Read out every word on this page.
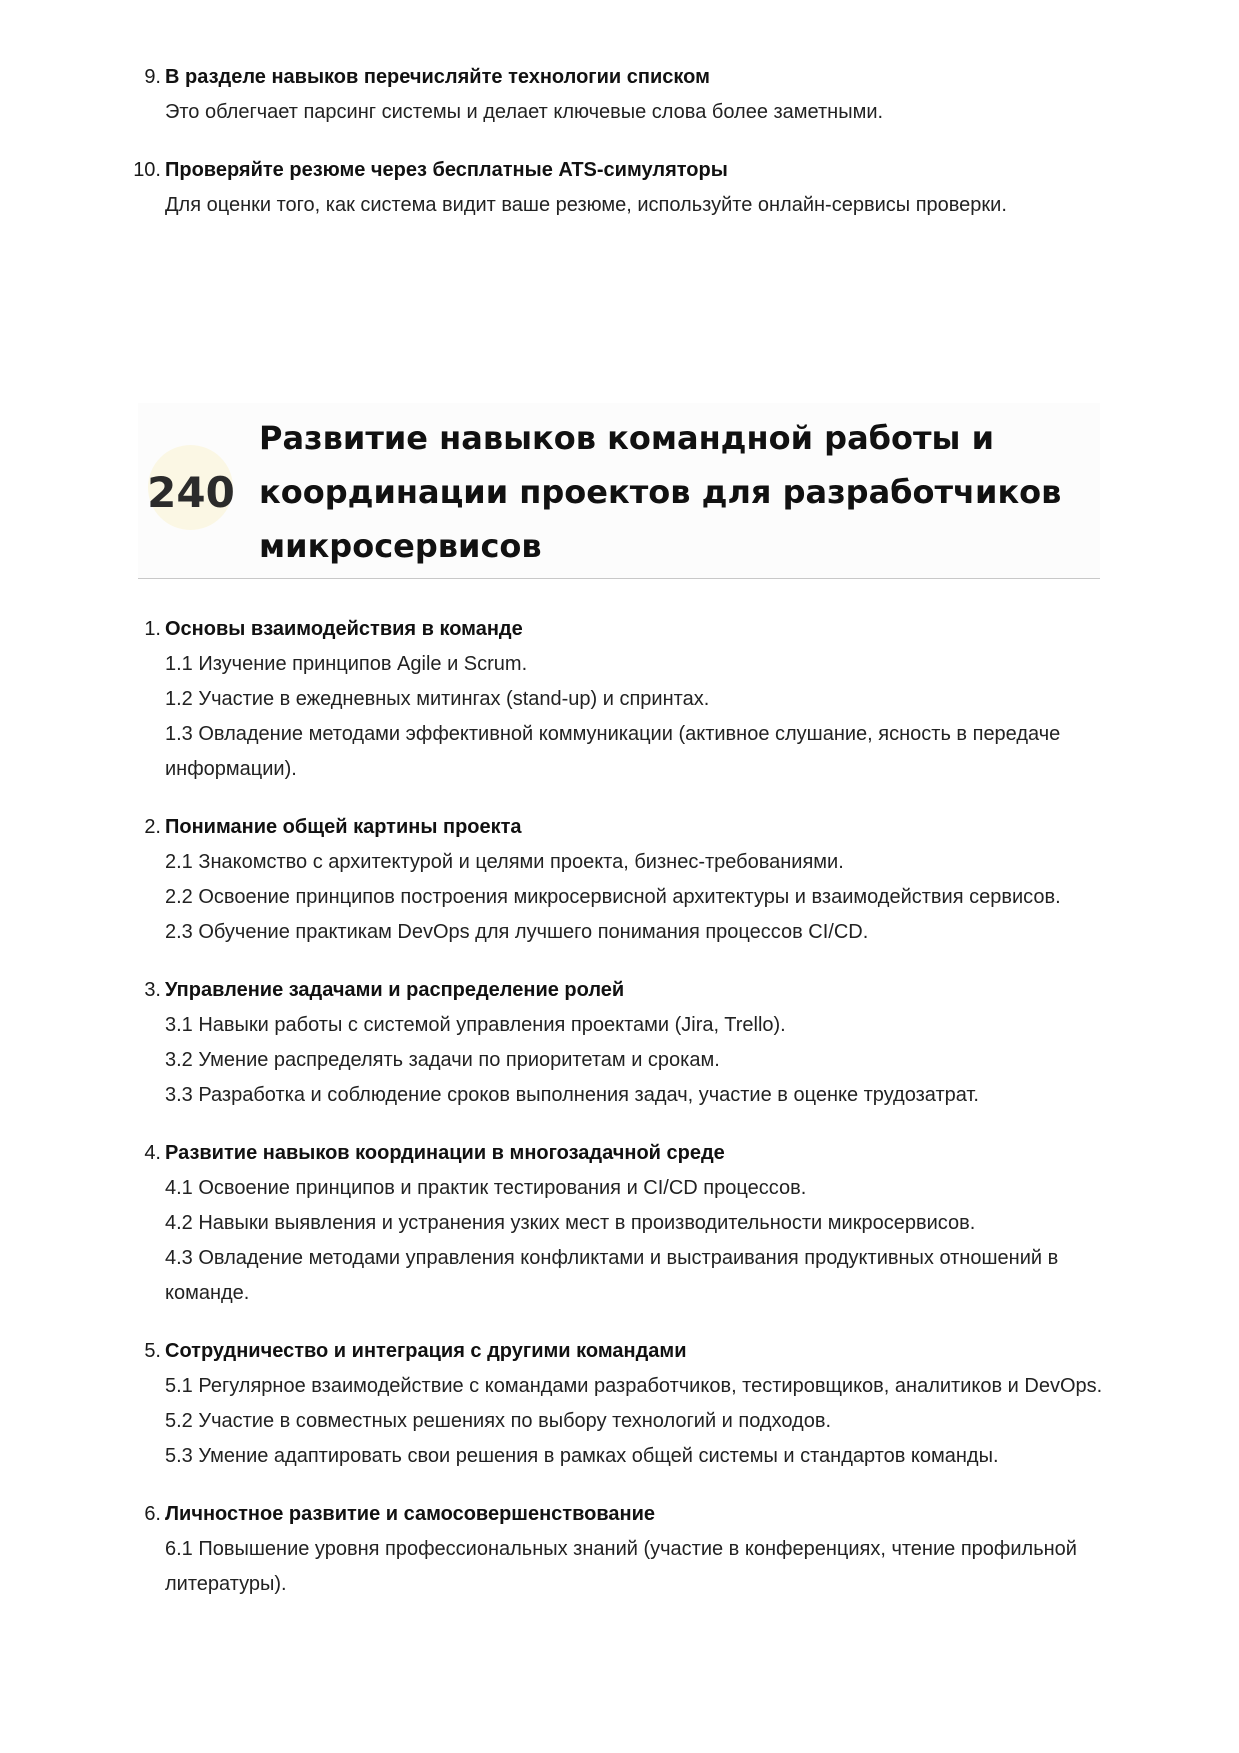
9. В разделе навыков перечисляйте технологии списком
Это облегчает парсинг системы и делает ключевые слова более заметными.
10. Проверяйте резюме через бесплатные ATS-симуляторы
Для оценки того, как система видит ваше резюме, используйте онлайн-сервисы проверки.
240
Развитие навыков командной работы и координации проектов для разработчиков микросервисов
1. Основы взаимодействия в команде
1.1 Изучение принципов Agile и Scrum.
1.2 Участие в ежедневных митингах (stand-up) и спринтах.
1.3 Овладение методами эффективной коммуникации (активное слушание, ясность в передаче информации).
2. Понимание общей картины проекта
2.1 Знакомство с архитектурой и целями проекта, бизнес-требованиями.
2.2 Освоение принципов построения микросервисной архитектуры и взаимодействия сервисов.
2.3 Обучение практикам DevOps для лучшего понимания процессов CI/CD.
3. Управление задачами и распределение ролей
3.1 Навыки работы с системой управления проектами (Jira, Trello).
3.2 Умение распределять задачи по приоритетам и срокам.
3.3 Разработка и соблюдение сроков выполнения задач, участие в оценке трудозатрат.
4. Развитие навыков координации в многозадачной среде
4.1 Освоение принципов и практик тестирования и CI/CD процессов.
4.2 Навыки выявления и устранения узких мест в производительности микросервисов.
4.3 Овладение методами управления конфликтами и выстраивания продуктивных отношений в команде.
5. Сотрудничество и интеграция с другими командами
5.1 Регулярное взаимодействие с командами разработчиков, тестировщиков, аналитиков и DevOps.
5.2 Участие в совместных решениях по выбору технологий и подходов.
5.3 Умение адаптировать свои решения в рамках общей системы и стандартов команды.
6. Личностное развитие и самосовершенствование
6.1 Повышение уровня профессиональных знаний (участие в конференциях, чтение профильной литературы).
